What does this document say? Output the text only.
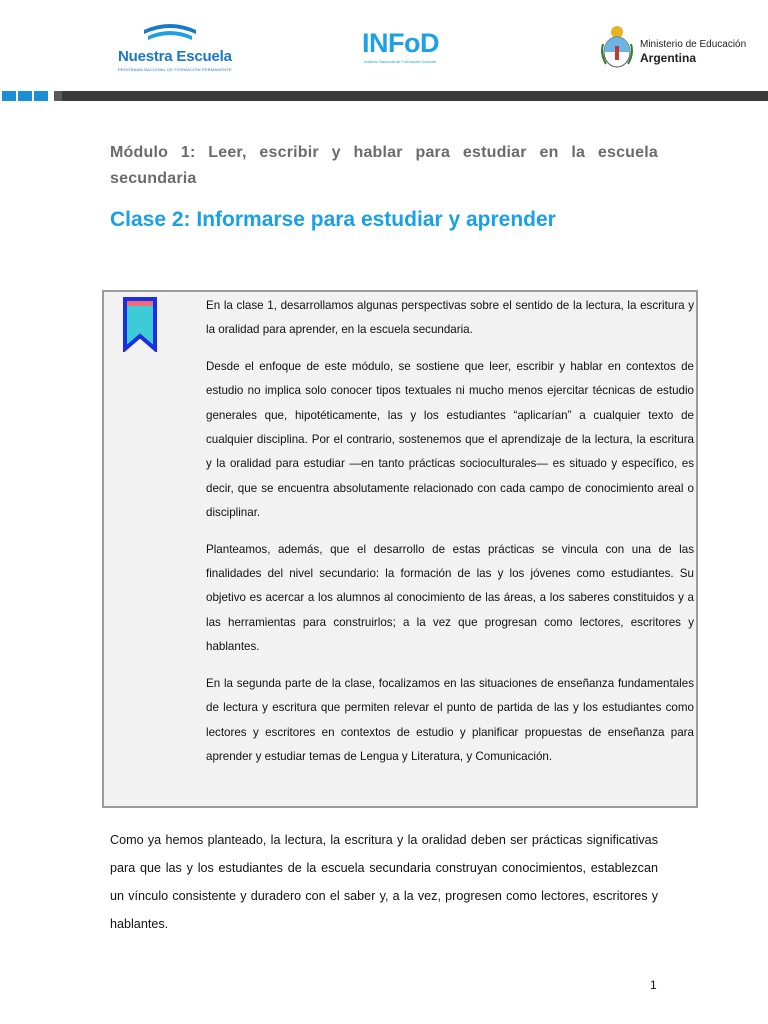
Nuestra Escuela
PROGRAMA NACIONAL DE FORMACIÓN PERMANENTE
INFoD
Instituto Nacional de Formación Docente
Ministerio de Educación
Argentina
Módulo 1: Leer, escribir y hablar para estudiar en la escuela secundaria
Clase 2: Informarse para estudiar y aprender

En la clase 1, desarrollamos algunas perspectivas sobre el sentido de la lectura, la escritura y la oralidad para aprender, en la escuela secundaria.

Desde el enfoque de este módulo, se sostiene que leer, escribir y hablar en contextos de estudio no implica solo conocer tipos textuales ni mucho menos ejercitar técnicas de estudio generales que, hipotéticamente, las y los estudiantes “aplicarían” a cualquier texto de cualquier disciplina. Por el contrario, sostenemos que el aprendizaje de la lectura, la escritura y la oralidad para estudiar —en tanto prácticas socioculturales— es situado y específico, es decir, que se encuentra absolutamente relacionado con cada campo de conocimiento areal o disciplinar.

Planteamos, además, que el desarrollo de estas prácticas se vincula con una de las finalidades del nivel secundario: la formación de las y los jóvenes como estudiantes. Su objetivo es acercar a los alumnos al conocimiento de las áreas, a los saberes constituidos y a las herramientas para construirlos; a la vez que progresan como lectores, escritores y hablantes.

En la segunda parte de la clase, focalizamos en las situaciones de enseñanza fundamentales de lectura y escritura que permiten relevar el punto de partida de las y los estudiantes como lectores y escritores en contextos de estudio y planificar propuestas de enseñanza para aprender y estudiar temas de Lengua y Literatura, y Comunicación.

Como ya hemos planteado, la lectura, la escritura y la oralidad deben ser prácticas significativas para que las y los estudiantes de la escuela secundaria construyan conocimientos, establezcan un vínculo consistente y duradero con el saber y, a la vez, progresen como lectores, escritores y hablantes.

1
